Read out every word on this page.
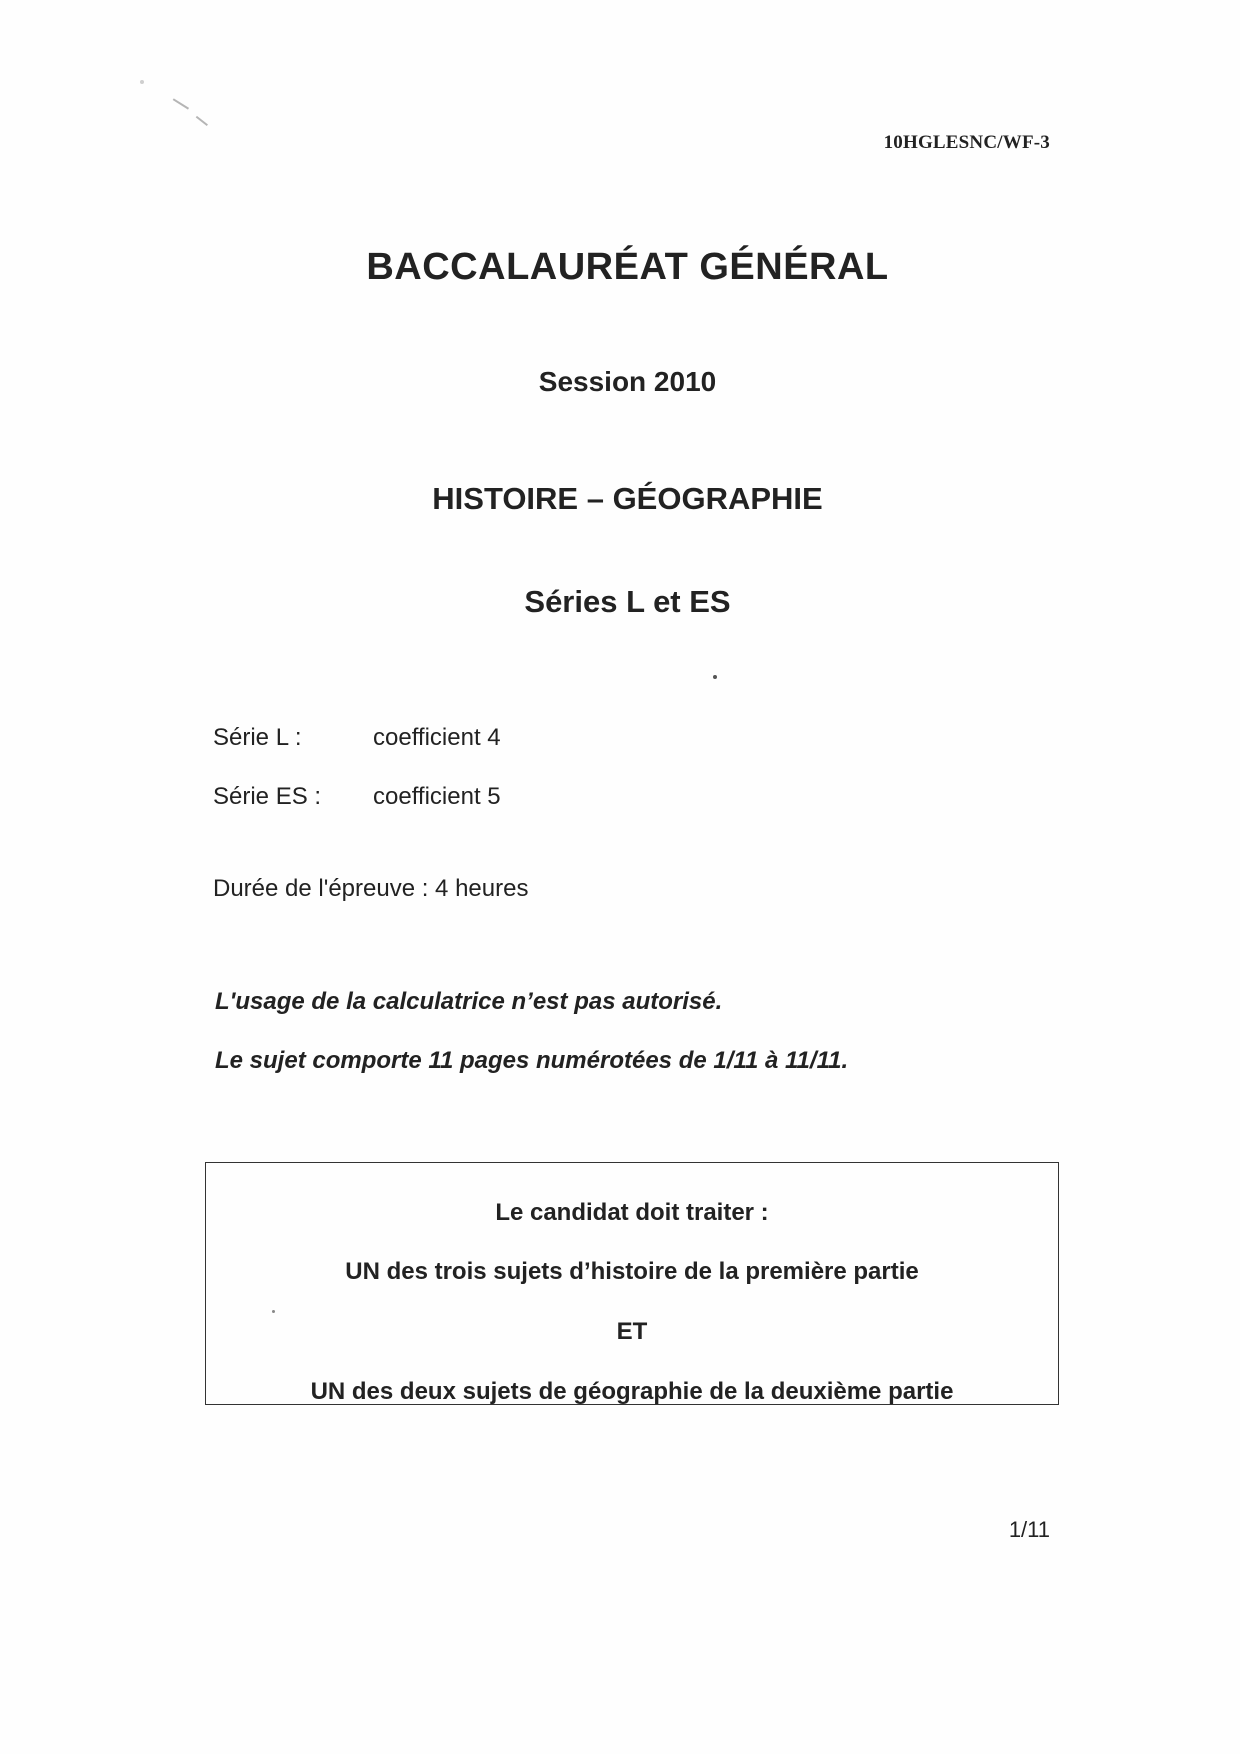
10HGLESNC/WF-3
BACCALAURÉAT GÉNÉRAL
Session 2010
HISTOIRE – GÉOGRAPHIE
Séries L et ES
Série L :	coefficient 4
Série ES : coefficient 5
Durée de l'épreuve : 4 heures
L'usage de la calculatrice n’est pas autorisé.
Le sujet comporte 11 pages numérotées de 1/11 à 11/11.
Le candidat doit traiter :
UN des trois sujets d’histoire de la première partie
ET
UN des deux sujets de géographie de la deuxième partie
1/11
